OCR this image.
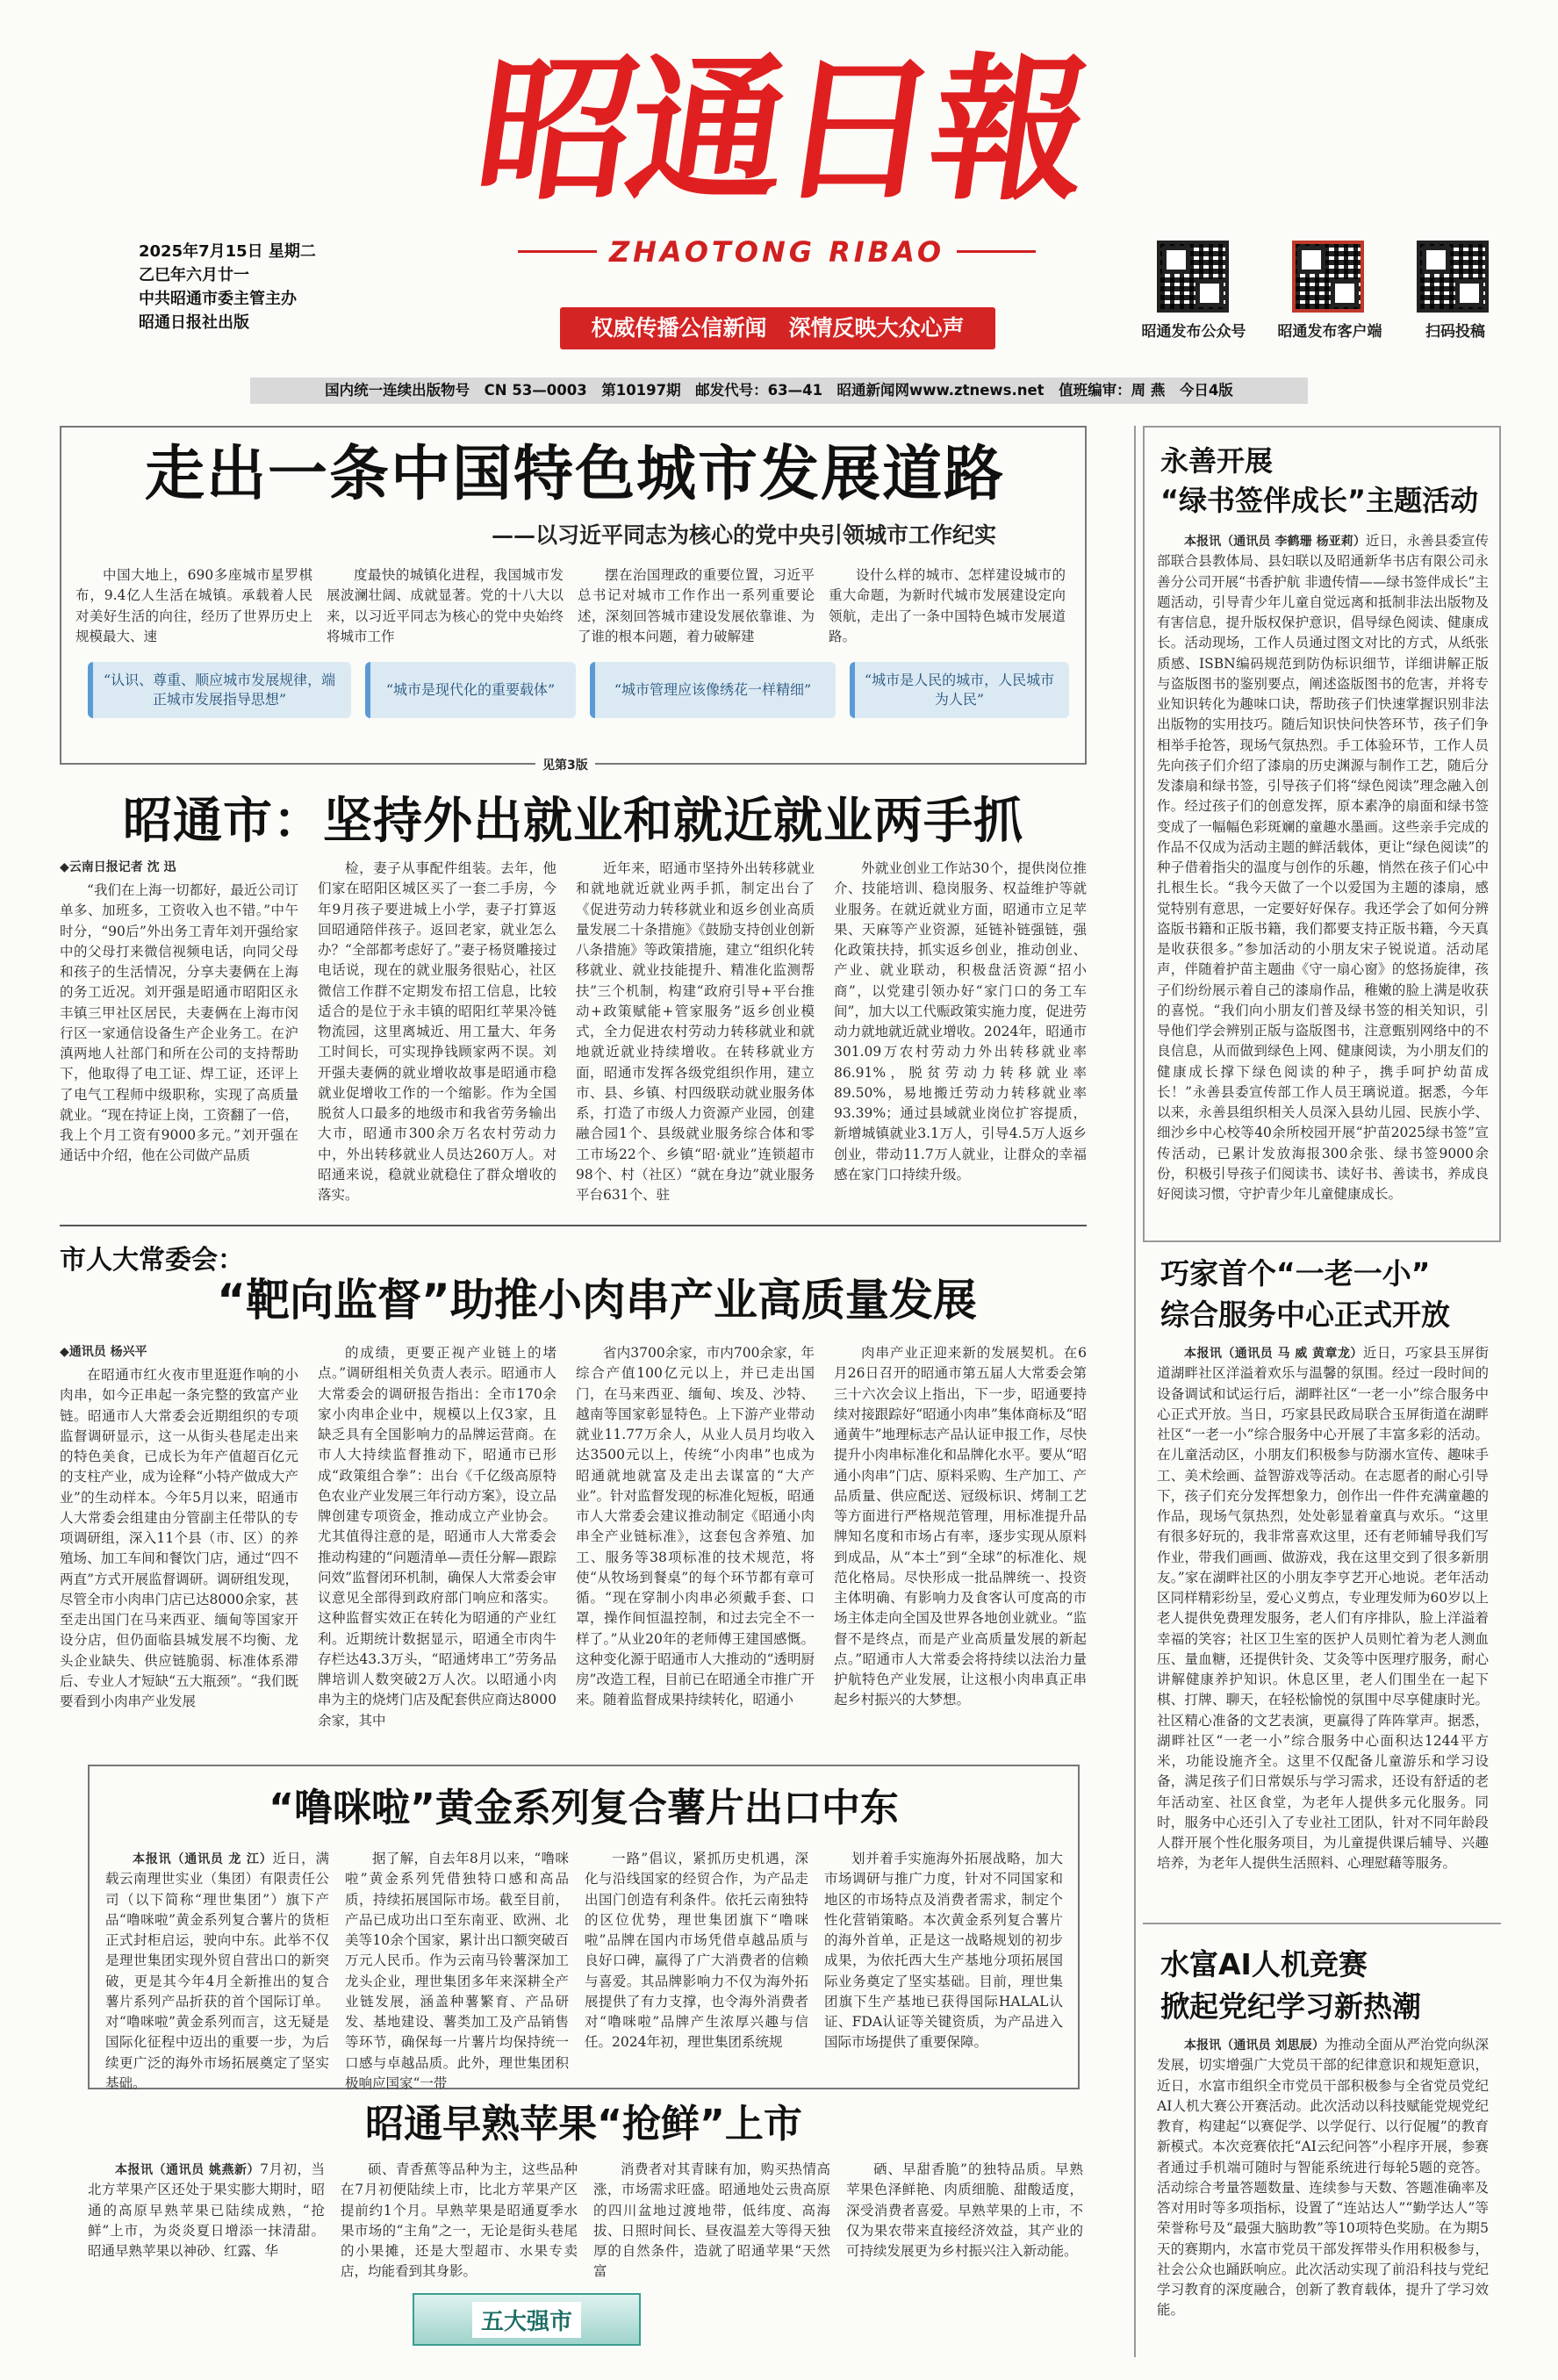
昭通日報
ZHAOTONG RIBAO
权威传播公信新闻　深情反映大众心声
2025年7月15日 星期二
乙巳年六月廿一
中共昭通市委主管主办
昭通日报社出版	昭通发布公众号	昭通发布客户端	扫码投稿
国内统一连续出版物号　CN 53—0003　第10197期　邮发代号：63—41　昭通新闻网www.ztnews.net　值班编审：周 燕　今日4版
走出一条中国特色城市发展道路
——以习近平同志为核心的党中央引领城市工作纪实

中国大地上，690多座城市星罗棋布，9.4亿人生活在城镇。承载着人民对美好生活的向往，经历了世界历史上规模最大、速

度最快的城镇化进程，我国城市发展波澜壮阔、成就显著。党的十八大以来，以习近平同志为核心的党中央始终将城市工作

摆在治国理政的重要位置，习近平总书记对城市工作作出一系列重要论述，深刻回答城市建设发展依靠谁、为了谁的根本问题，着力破解建

设什么样的城市、怎样建设城市的重大命题，为新时代城市发展建设定向领航，走出了一条中国特色城市发展道路。

“认识、尊重、顺应城市发展规律，端正城市发展指导思想”
“城市是现代化的重要载体”	“城市管理应该像绣花一样精细”
“城市是人民的城市，人民城市为人民”
见第3版
昭通市：坚持外出就业和就近就业两手抓
◆云南日报记者 沈 迅

“我们在上海一切都好，最近公司订单多、加班多，工资收入也不错。”中午时分，“90后”外出务工青年刘开强给家中的父母打来微信视频电话，向同父母和孩子的生活情况，分享夫妻俩在上海的务工近况。刘开强是昭通市昭阳区永丰镇三甲社区居民，夫妻俩在上海市闵行区一家通信设备生产企业务工。在沪滇两地人社部门和所在公司的支持帮助下，他取得了电工证、焊工证，还评上了电气工程师中级职称，实现了高质量就业。“现在持证上岗，工资翻了一倍，我上个月工资有9000多元。”刘开强在通话中介绍，他在公司做产品质

检，妻子从事配件组装。去年，他们家在昭阳区城区买了一套二手房，今年9月孩子要进城上小学，妻子打算返回昭通陪伴孩子。返回老家，就业怎么办？“全部都考虑好了。”妻子杨贤雕接过电话说，现在的就业服务很贴心，社区微信工作群不定期发布招工信息，比较适合的是位于永丰镇的昭阳红苹果冷链物流园，这里离城近、用工量大、年务工时间长，可实现挣钱顾家两不误。刘开强夫妻俩的就业增收故事是昭通市稳就业促增收工作的一个缩影。作为全国脱贫人口最多的地级市和我省劳务输出大市，昭通市300余万名农村劳动力中，外出转移就业人员达260万人。对昭通来说，稳就业就稳住了群众增收的落实。

近年来，昭通市坚持外出转移就业和就地就近就业两手抓，制定出台了《促进劳动力转移就业和返乡创业高质量发展二十条措施》《鼓励支持创业创新八条措施》等政策措施，建立“组织化转移就业、就业技能提升、精准化监测帮扶”三个机制，构建“政府引导+平台推动+政策赋能+管家服务”返乡创业模式，全力促进农村劳动力转移就业和就地就近就业持续增收。在转移就业方面，昭通市发挥各级党组织作用，建立市、县、乡镇、村四级联动就业服务体系，打造了市级人力资源产业园，创建融合园1个、县级就业服务综合体和零工市场22个、乡镇“昭·就业”连锁超市98个、村（社区）“就在身边”就业服务平台631个、驻

外就业创业工作站30个，提供岗位推介、技能培训、稳岗服务、权益维护等就业服务。在就近就业方面，昭通市立足苹果、天麻等产业资源，延链补链强链，强化政策扶持，抓实返乡创业，推动创业、产业、就业联动，积极盘活资源“招小商”，以党建引领办好“家门口的务工车间”，加大以工代赈政策实施力度，促进劳动力就地就近就业增收。2024年，昭通市301.09万农村劳动力外出转移就业率86.91%，脱贫劳动力转移就业率89.50%，易地搬迁劳动力转移就业率93.39%；通过县域就业岗位扩容提质，新增城镇就业3.1万人，引导4.5万人返乡创业，带动11.7万人就业，让群众的幸福感在家门口持续升级。

市人大常委会：
“靶向监督”助推小肉串产业高质量发展
◆通讯员 杨兴平

在昭通市红火夜市里逛逛作响的小肉串，如今正串起一条完整的致富产业链。昭通市人大常委会近期组织的专项监督调研显示，这一从街头巷尾走出来的特色美食，已成长为年产值超百亿元的支柱产业，成为诠释“小特产做成大产业”的生动样本。今年5月以来，昭通市人大常委会组建由分管副主任带队的专项调研组，深入11个县（市、区）的养殖场、加工车间和餐饮门店，通过“四不两直”方式开展监督调研。调研组发现，尽管全市小肉串门店已达8000余家，甚至走出国门在马来西亚、缅甸等国家开设分店，但仍面临县城发展不均衡、龙头企业缺失、供应链脆弱、标准体系滞后、专业人才短缺“五大瓶颈”。“我们既要看到小肉串产业发展

的成绩，更要正视产业链上的堵点。”调研组相关负责人表示。昭通市人大常委会的调研报告指出：全市170余家小肉串企业中，规模以上仅3家，且缺乏具有全国影响力的品牌运营商。在市人大持续监督推动下，昭通市已形成“政策组合拳”：出台《千亿级高原特色农业产业发展三年行动方案》，设立品牌创建专项资金，推动成立产业协会。尤其值得注意的是，昭通市人大常委会推动构建的“问题清单—责任分解—跟踪问效”监督闭环机制，确保人大常委会审议意见全部得到政府部门响应和落实。这种监督实效正在转化为昭通的产业红利。近期统计数据显示，昭通全市肉牛存栏达43.3万头，“昭通烤串工”劳务品牌培训人数突破2万人次。以昭通小肉串为主的烧烤门店及配套供应商达8000余家，其中

省内3700余家，市内700余家，年综合产值100亿元以上，并已走出国门，在马来西亚、缅甸、埃及、沙特、越南等国家彰显特色。上下游产业带动就业11.77万余人，从业人员月均收入达3500元以上，传统“小肉串”也成为昭通就地就富及走出去谋富的“大产业”。针对监督发现的标准化短板，昭通市人大常委会建议推动制定《昭通小肉串全产业链标准》，这套包含养殖、加工、服务等38项标准的技术规范，将使“从牧场到餐桌”的每个环节都有章可循。“现在穿制小肉串必须戴手套、口罩，操作间恒温控制，和过去完全不一样了。”从业20年的老师傅王建国感慨。这种变化源于昭通市人大推动的“透明厨房”改造工程，目前已在昭通全市推广开来。随着监督成果持续转化，昭通小

肉串产业正迎来新的发展契机。在6月26日召开的昭通市第五届人大常委会第三十六次会议上指出，下一步，昭通要持续对接跟踪好“昭通小肉串”集体商标及“昭通黄牛”地理标志产品认证申报工作，尽快提升小肉串标准化和品牌化水平。要从“昭通小肉串”门店、原料采购、生产加工、产品质量、供应配送、冠级标识、烤制工艺等方面进行严格规范管理，用标准提升品牌知名度和市场占有率，逐步实现从原料到成品，从“本土”到“全球”的标准化、规范化格局。尽快形成一批品牌统一、投资主体明确、有影响力及食客认可度高的市场主体走向全国及世界各地创业就业。“监督不是终点，而是产业高质量发展的新起点。”昭通市人大常委会将持续以法治力量护航特色产业发展，让这根小肉串真正串起乡村振兴的大梦想。

“噜咪啦”黄金系列复合薯片出口中东

本报讯（通讯员 龙 江）近日，满载云南理世实业（集团）有限责任公司（以下简称“理世集团”）旗下产品“噜咪啦”黄金系列复合薯片的货柜正式封柜启运，驶向中东。此举不仅是理世集团实现外贸自营出口的新突破，更是其今年4月全新推出的复合薯片系列产品折获的首个国际订单。对“噜咪啦”黄金系列而言，这无疑是国际化征程中迈出的重要一步，为后续更广泛的海外市场拓展奠定了坚实基础。

据了解，自去年8月以来，“噜咪啦”黄金系列凭借独特口感和高品质，持续拓展国际市场。截至目前，产品已成功出口至东南亚、欧洲、北美等10余个国家，累计出口额突破百万元人民币。作为云南马铃薯深加工龙头企业，理世集团多年来深耕全产业链发展，涵盖种薯繁育、产品研发、基地建设、薯类加工及产品销售等环节，确保每一片薯片均保持统一口感与卓越品质。此外，理世集团积极响应国家“一带

一路”倡议，紧抓历史机遇，深化与沿线国家的经贸合作，为产品走出国门创造有利条件。依托云南独特的区位优势，理世集团旗下“噜咪啦”品牌在国内市场凭借卓越品质与良好口碑，赢得了广大消费者的信赖与喜爱。其品牌影响力不仅为海外拓展提供了有力支撑，也令海外消费者对“噜咪啦”品牌产生浓厚兴趣与信任。2024年初，理世集团系统规

划并着手实施海外拓展战略，加大市场调研与推广力度，针对不同国家和地区的市场特点及消费者需求，制定个性化营销策略。本次黄金系列复合薯片的海外首单，正是这一战略规划的初步成果，为依托西大生产基地分项拓展国际业务奠定了坚实基础。目前，理世集团旗下生产基地已获得国际HALAL认证、FDA认证等关键资质，为产品进入国际市场提供了重要保障。

昭通早熟苹果“抢鲜”上市

本报讯（通讯员 姚燕新）7月初，当北方苹果产区还处于果实膨大期时，昭通的高原早熟苹果已陆续成熟，“抢鲜”上市，为炎炎夏日增添一抹清甜。昭通早熟苹果以神砂、红露、华

硕、青香蕉等品种为主，这些品种在7月初便陆续上市，比北方苹果产区提前约1个月。早熟苹果是昭通夏季水果市场的“主角”之一，无论是街头巷尾的小果摊，还是大型超市、水果专卖店，均能看到其身影。

消费者对其青睐有加，购买热情高涨，市场需求旺盛。昭通地处云贵高原的四川盆地过渡地带，低纬度、高海拔、日照时间长、昼夜温差大等得天独厚的自然条件，造就了昭通苹果“天然富

硒、早甜香脆”的独特品质。早熟苹果色泽鲜艳、肉质细脆、甜酸适度，深受消费者喜爱。早熟苹果的上市，不仅为果农带来直接经济效益，其产业的可持续发展更为乡村振兴注入新动能。

五大强市
永善开展
“绿书签伴成长”主题活动

本报讯（通讯员 李鹤珊 杨亚莉）近日，永善县委宣传部联合县教体局、县妇联以及昭通新华书店有限公司永善分公司开展“书香护航 非遗传情——绿书签伴成长”主题活动，引导青少年儿童自觉远离和抵制非法出版物及有害信息，提升版权保护意识，倡导绿色阅读、健康成长。活动现场，工作人员通过图文对比的方式，从纸张质感、ISBN编码规范到防伪标识细节，详细讲解正版与盗版图书的鉴别要点，阐述盗版图书的危害，并将专业知识转化为趣味口诀，帮助孩子们快速掌握识别非法出版物的实用技巧。随后知识快问快答环节，孩子们争相举手抢答，现场气氛热烈。手工体验环节，工作人员先向孩子们介绍了漆扇的历史渊源与制作工艺，随后分发漆扇和绿书签，引导孩子们将“绿色阅读”理念融入创作。经过孩子们的创意发挥，原本素净的扇面和绿书签变成了一幅幅色彩斑斓的童趣水墨画。这些亲手完成的作品不仅成为活动主题的鲜活载体，更让“绿色阅读”的种子借着指尖的温度与创作的乐趣，悄然在孩子们心中扎根生长。“我今天做了一个以爱国为主题的漆扇，感觉特别有意思，一定要好好保存。我还学会了如何分辨盗版书籍和正版书籍，我们都要支持正版书籍，今天真是收获很多。”参加活动的小朋友宋子锐说道。活动尾声，伴随着护苗主题曲《守一扇心窗》的悠扬旋律，孩子们纷纷展示着自己的漆扇作品，稚嫩的脸上满是收获的喜悦。“我们向小朋友们普及绿书签的相关知识，引导他们学会辨别正版与盗版图书，注意甄别网络中的不良信息，从而做到绿色上网、健康阅读，为小朋友们的健康成长撑下绿色阅读的种子，携手呵护幼苗成长！”永善县委宣传部工作人员王璃说道。据悉，今年以来，永善县组织相关人员深入县幼儿园、民族小学、细沙乡中心校等40余所校园开展“护苗2025绿书签”宣传活动，已累计发放海报300余张、绿书签9000余份，积极引导孩子们阅读书、读好书、善读书，养成良好阅读习惯，守护青少年儿童健康成长。

巧家首个“一老一小”
综合服务中心正式开放

本报讯（通讯员 马 威 黄章龙）近日，巧家县玉屏街道湖畔社区洋溢着欢乐与温馨的氛围。经过一段时间的设备调试和试运行后，湖畔社区“一老一小”综合服务中心正式开放。当日，巧家县民政局联合玉屏街道在湖畔社区“一老一小”综合服务中心开展了丰富多彩的活动。在儿童活动区，小朋友们积极参与防溺水宣传、趣味手工、美术绘画、益智游戏等活动。在志愿者的耐心引导下，孩子们充分发挥想象力，创作出一件件充满童趣的作品，现场气氛热烈，处处彰显着童真与欢乐。“这里有很多好玩的，我非常喜欢这里，还有老师辅导我们写作业，带我们画画、做游戏，我在这里交到了很多新朋友。”家在湖畔社区的小朋友李亨艺开心地说。老年活动区同样精彩纷呈，爱心义剪点，专业理发师为60岁以上老人提供免费理发服务，老人们有序排队，脸上洋溢着幸福的笑容；社区卫生室的医护人员则忙着为老人测血压、量血糖，还提供针灸、艾灸等中医理疗服务，耐心讲解健康养护知识。休息区里，老人们围坐在一起下棋、打牌、聊天，在轻松愉悦的氛围中尽享健康时光。社区精心准备的文艺表演，更赢得了阵阵掌声。据悉，湖畔社区“一老一小”综合服务中心面积达1244平方米，功能设施齐全。这里不仅配备儿童游乐和学习设备，满足孩子们日常娱乐与学习需求，还设有舒适的老年活动室、社区食堂，为老年人提供多元化服务。同时，服务中心还引入了专业社工团队，针对不同年龄段人群开展个性化服务项目，为儿童提供课后辅导、兴趣培养，为老年人提供生活照料、心理慰藉等服务。

水富AI人机竞赛
掀起党纪学习新热潮

本报讯（通讯员 刘思辰）为推动全面从严治党向纵深发展，切实增强广大党员干部的纪律意识和规矩意识，近日，水富市组织全市党员干部积极参与全省党员党纪AI人机大赛公开赛活动。此次活动以科技赋能党规党纪教育，构建起“以赛促学、以学促行、以行促履”的教育新模式。本次竞赛依托“AI云纪问答”小程序开展，参赛者通过手机端可随时与智能系统进行每轮5题的竞答。活动综合考量答题数量、连续参与天数、答题准确率及答对用时等多项指标，设置了“连站达人”“勤学达人”等荣誉称号及“最强大脑助教”等10项特色奖励。在为期5天的赛期内，水富市党员干部发挥带头作用积极参与，社会公众也踊跃响应。此次活动实现了前沿科技与党纪学习教育的深度融合，创新了教育载体，提升了学习效能。
